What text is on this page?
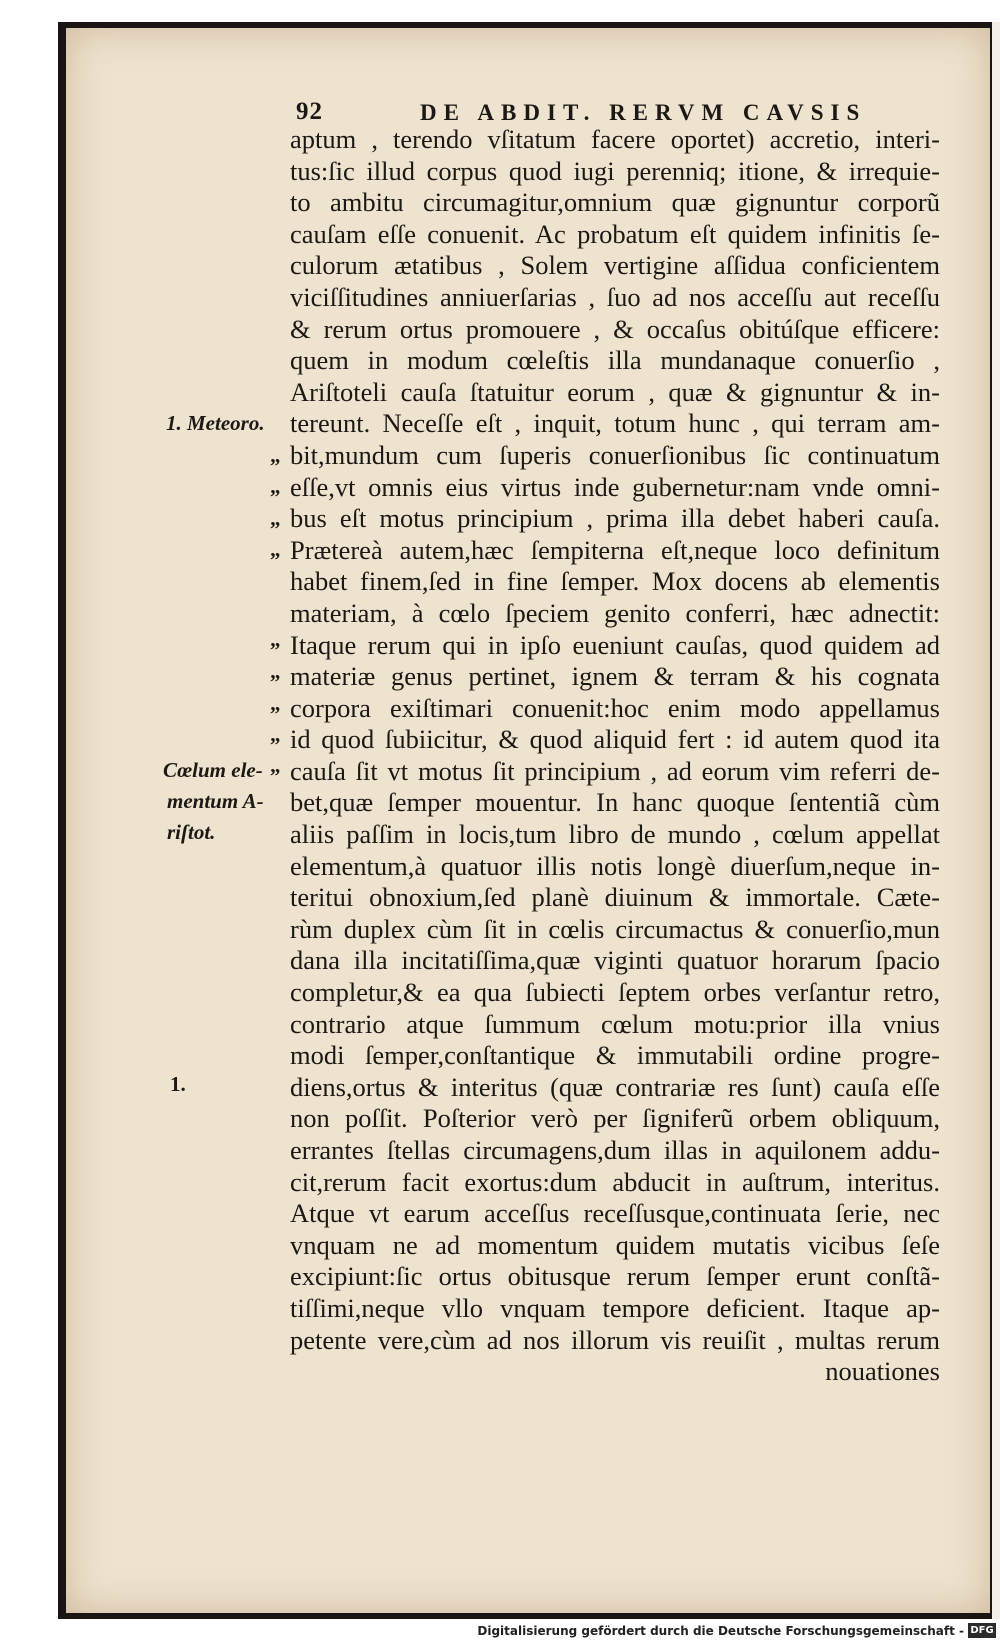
92	DE ABDIT. RERVM CAVSIS
1. Meteoro.
Cœlum ele-
mentum A-
riſtot.
1.
„
„
„
„
„
„
„
„
„
aptum , terendo vſitatum facere oportet) accretio, interi-
tus:ſic illud corpus quod iugi perenniq; itione, & irrequie-
to ambitu circumagitur,omnium quæ gignuntur corporũ
cauſam eſſe conuenit. Ac probatum eſt quidem infinitis ſe-
culorum ætatibus , Solem vertigine aſſidua conficientem
viciſſitudines anniuerſarias , ſuo ad nos acceſſu aut receſſu
& rerum ortus promouere , & occaſus obitúſque efficere:
quem in modum cœleſtis illa mundanaque conuerſio ,
Ariſtoteli cauſa ſtatuitur eorum , quæ & gignuntur & in-
tereunt. Neceſſe eſt , inquit, totum hunc , qui terram am-
bit,mundum cum ſuperis conuerſionibus ſic continuatum
eſſe,vt omnis eius virtus inde gubernetur:nam vnde omni-
bus eſt motus principium , prima illa debet haberi cauſa.
Prætereà autem,hæc ſempiterna eſt,neque loco definitum
habet finem,ſed in fine ſemper. Mox docens ab elementis
materiam, à cœlo ſpeciem genito conferri, hæc adnectit:
Itaque rerum qui in ipſo eueniunt cauſas, quod quidem ad
materiæ genus pertinet, ignem & terram & his cognata
corpora exiſtimari conuenit:hoc enim modo appellamus
id quod ſubiicitur, & quod aliquid fert : id autem quod ita
cauſa ſit vt motus ſit principium , ad eorum vim referri de-
bet,quæ ſemper mouentur. In hanc quoque ſententiã cùm
aliis paſſim in locis,tum libro de mundo , cœlum appellat
elementum,à quatuor illis notis longè diuerſum,neque in-
teritui obnoxium,ſed planè diuinum & immortale. Cæte-
rùm duplex cùm ſit in cœlis circumactus & conuerſio,mun
dana illa incitatiſſima,quæ viginti quatuor horarum ſpacio
completur,& ea qua ſubiecti ſeptem orbes verſantur retro,
contrario atque ſummum cœlum motu:prior illa vnius
modi ſemper,conſtantique & immutabili ordine progre-
diens,ortus & interitus (quæ contrariæ res ſunt) cauſa eſſe
non poſſit. Poſterior verò per ſigniferũ orbem obliquum,
errantes ſtellas circumagens,dum illas in aquilonem addu-
cit,rerum facit exortus:dum abducit in auſtrum, interitus.
Atque vt earum acceſſus receſſusque,continuata ſerie, nec
vnquam ne ad momentum quidem mutatis vicibus ſeſe
excipiunt:ſic ortus obitusque rerum ſemper erunt conſtã-
tiſſimi,neque vllo vnquam tempore deficient. Itaque ap-
petente vere,cùm ad nos illorum vis reuiſit , multas rerum
nouationes
Digitalisierung gefördert durch die Deutsche Forschungsgemeinschaft - DFG
